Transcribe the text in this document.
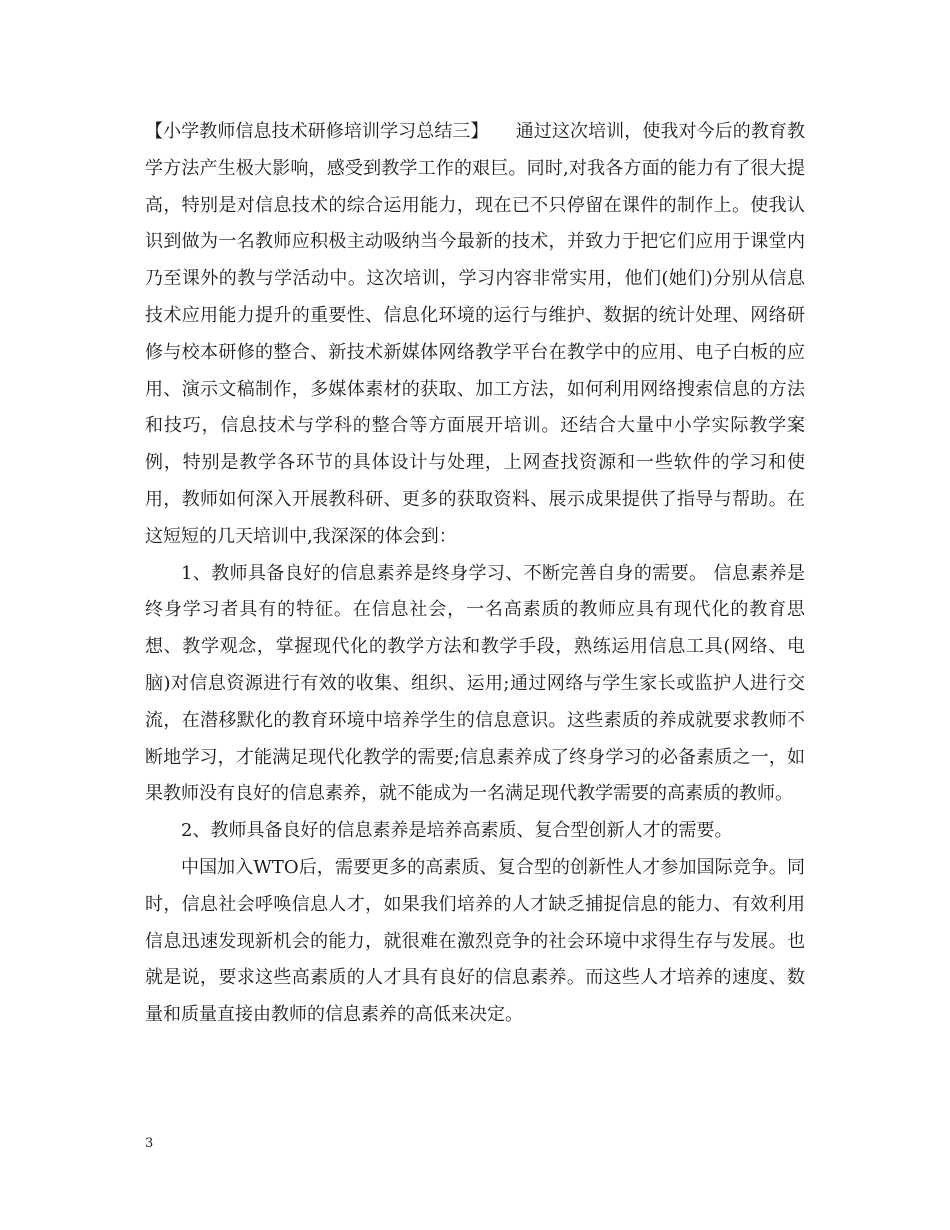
【小学教师信息技术研修培训学习总结三】　　通过这次培训，使我对今后的教育教学方法产生极大影响，感受到教学工作的艰巨。同时,对我各方面的能力有了很大提高，特别是对信息技术的综合运用能力，现在已不只停留在课件的制作上。使我认识到做为一名教师应积极主动吸纳当今最新的技术，并致力于把它们应用于课堂内乃至课外的教与学活动中。这次培训，学习内容非常实用，他们(她们)分别从信息技术应用能力提升的重要性、信息化环境的运行与维护、数据的统计处理、网络研修与校本研修的整合、新技术新媒体网络教学平台在教学中的应用、电子白板的应用、演示文稿制作，多媒体素材的获取、加工方法，如何利用网络搜索信息的方法和技巧，信息技术与学科的整合等方面展开培训。还结合大量中小学实际教学案例，特别是教学各环节的具体设计与处理，上网查找资源和一些软件的学习和使用，教师如何深入开展教科研、更多的获取资料、展示成果提供了指导与帮助。在这短短的几天培训中,我深深的体会到：

1、教师具备良好的信息素养是终身学习、不断完善自身的需要。 信息素养是终身学习者具有的特征。在信息社会，一名高素质的教师应具有现代化的教育思想、教学观念，掌握现代化的教学方法和教学手段，熟练运用信息工具(网络、电脑)对信息资源进行有效的收集、组织、运用;通过网络与学生家长或监护人进行交流，在潜移默化的教育环境中培养学生的信息意识。这些素质的养成就要求教师不断地学习，才能满足现代化教学的需要;信息素养成了终身学习的必备素质之一，如果教师没有良好的信息素养，就不能成为一名满足现代教学需要的高素质的教师。

2、教师具备良好的信息素养是培养高素质、复合型创新人才的需要。

中国加入WTO后，需要更多的高素质、复合型的创新性人才参加国际竞争。同时，信息社会呼唤信息人才，如果我们培养的人才缺乏捕捉信息的能力、有效利用信息迅速发现新机会的能力，就很难在激烈竞争的社会环境中求得生存与发展。也就是说，要求这些高素质的人才具有良好的信息素养。而这些人才培养的速度、数量和质量直接由教师的信息素养的高低来决定。

3
